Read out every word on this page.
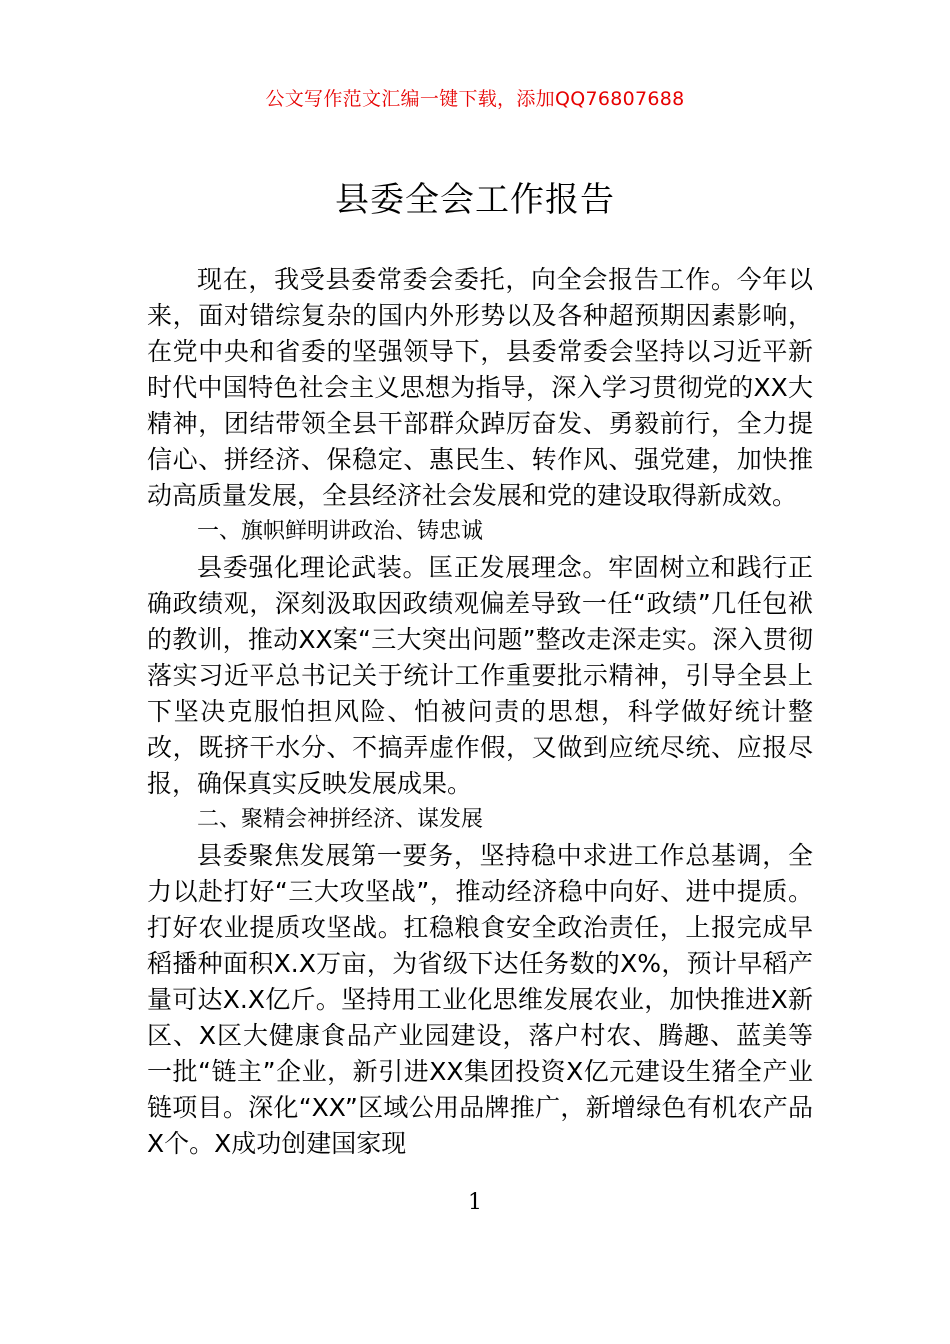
公文写作范文汇编一键下载，添加QQ76807688
县委全会工作报告

现在，我受县委常委会委托，向全会报告工作。今年以来，面对错综复杂的国内外形势以及各种超预期因素影响，在党中央和省委的坚强领导下，县委常委会坚持以习近平新时代中国特色社会主义思想为指导，深入学习贯彻党的XX大精神，团结带领全县干部群众踔厉奋发、勇毅前行，全力提信心、拼经济、保稳定、惠民生、转作风、强党建，加快推动高质量发展，全县经济社会发展和党的建设取得新成效。

一、旗帜鲜明讲政治、铸忠诚

县委强化理论武装。匡正发展理念。牢固树立和践行正确政绩观，深刻汲取因政绩观偏差导致一任“政绩”几任包袱的教训，推动XX案“三大突出问题”整改走深走实。深入贯彻落实习近平总书记关于统计工作重要批示精神，引导全县上下坚决克服怕担风险、怕被问责的思想，科学做好统计整改，既挤干水分、不搞弄虚作假，又做到应统尽统、应报尽报，确保真实反映发展成果。

二、聚精会神拼经济、谋发展

县委聚焦发展第一要务，坚持稳中求进工作总基调，全力以赴打好“三大攻坚战”，推动经济稳中向好、进中提质。打好农业提质攻坚战。扛稳粮食安全政治责任，上报完成早稻播种面积X.X万亩，为省级下达任务数的X%，预计早稻产量可达X.X亿斤。坚持用工业化思维发展农业，加快推进X新区、X区大健康食品产业园建设，落户村农、腾趣、蓝美等一批“链主”企业，新引进XX集团投资X亿元建设生猪全产业链项目。深化“XX”区域公用品牌推广，新增绿色有机农产品X个。X成功创建国家现

1
